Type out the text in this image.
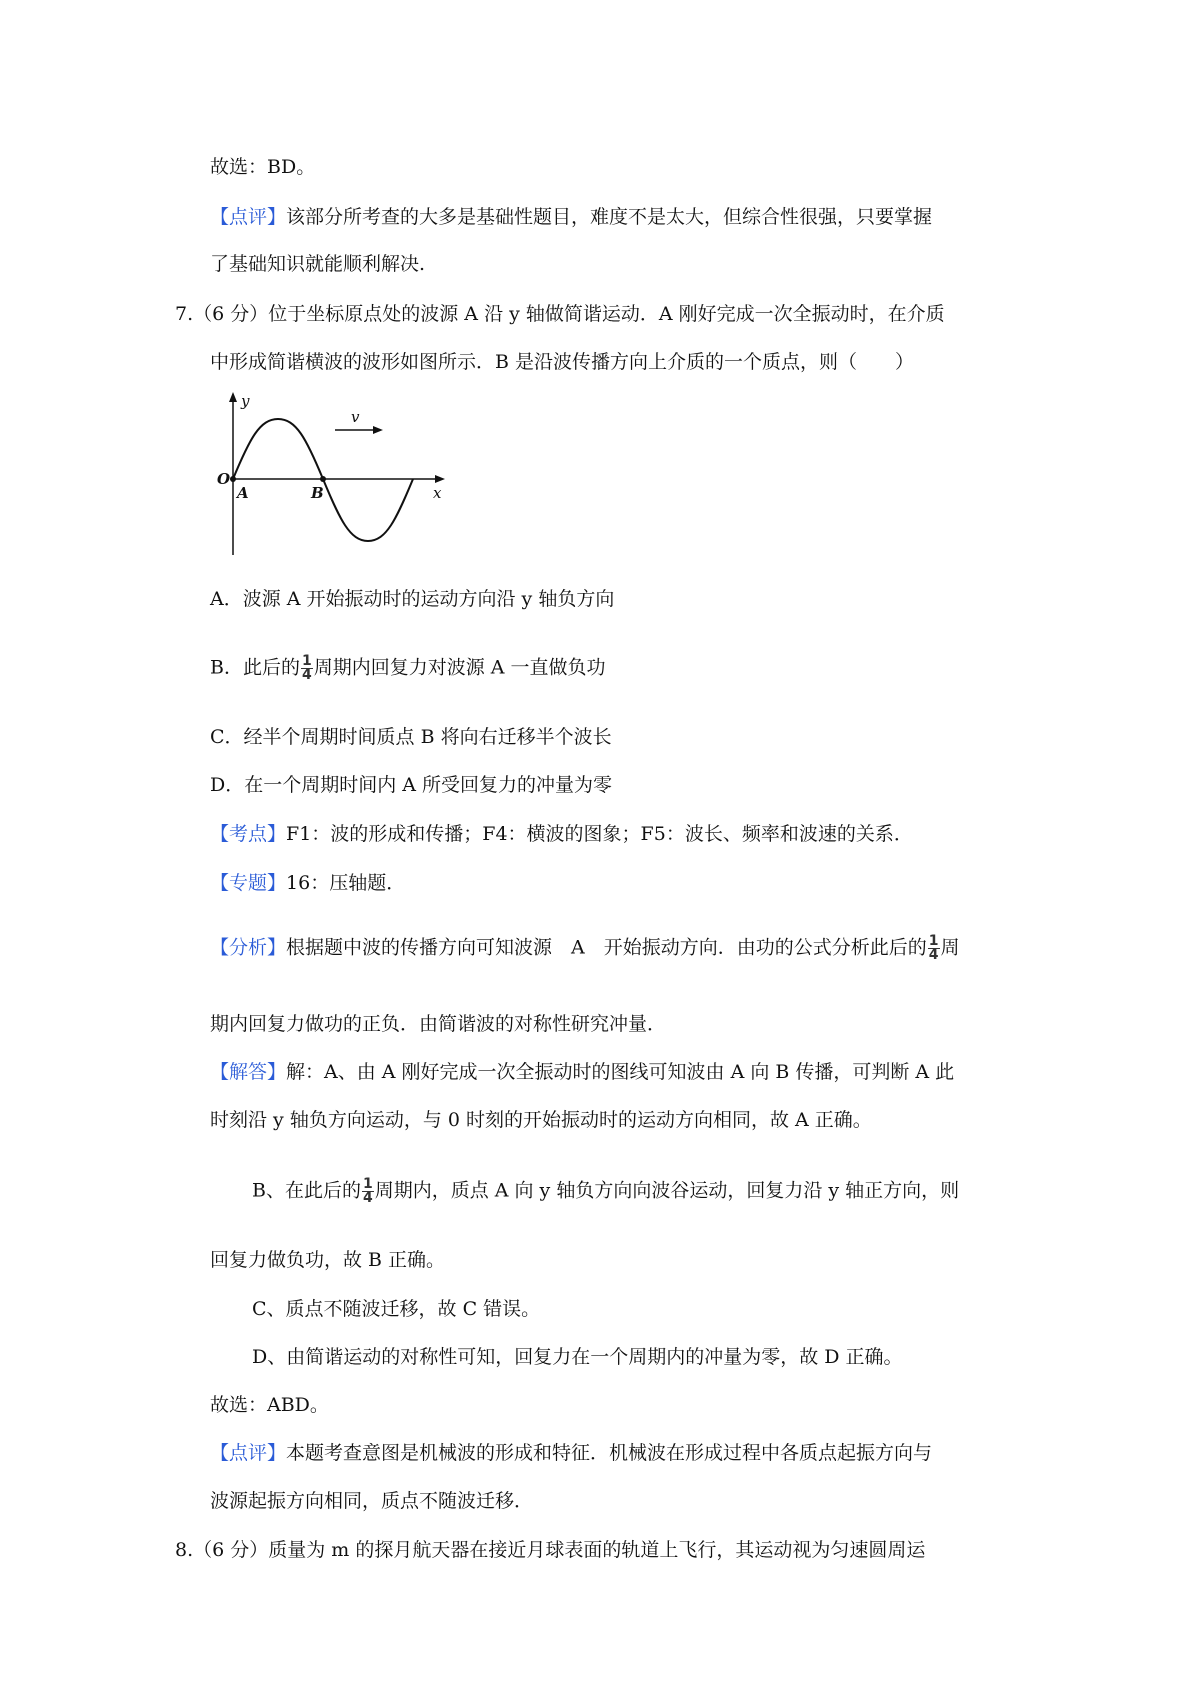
故选：BD。
【点评】该部分所考查的大多是基础性题目，难度不是太大，但综合性很强，只要掌握
了基础知识就能顺利解决.
7.（6 分）位于坐标原点处的波源 A 沿 y 轴做简谐运动．A 刚好完成一次全振动时，在介质
中形成简谐横波的波形如图所示．B 是沿波传播方向上介质的一个质点，则（　　）
y
v
O
A	B	x
A．波源 A 开始振动时的运动方向沿 y 轴负方向
B．此后的 $\frac{1}{4}$ 周期内回复力对波源 A 一直做负功
C．经半个周期时间质点 B 将向右迁移半个波长
D．在一个周期时间内 A 所受回复力的冲量为零
【考点】F1：波的形成和传播；F4：横波的图象；F5：波长、频率和波速的关系．
【专题】16：压轴题．
【分析】根据题中波的传播方向可知波源　A　开始振动方向．由功的公式分析此后的 $\frac{1}{4}$ 周
期内回复力做功的正负．由简谐波的对称性研究冲量．
【解答】解：A、由 A 刚好完成一次全振动时的图线可知波由 A 向 B 传播，可判断 A 此
时刻沿 y 轴负方向运动，与 0 时刻的开始振动时的运动方向相同，故 A 正确。
B、在此后的 $\frac{1}{4}$ 周期内，质点 A 向 y 轴负方向向波谷运动，回复力沿 y 轴正方向，则
回复力做负功，故 B 正确。
C、质点不随波迁移，故 C 错误。
D、由简谐运动的对称性可知，回复力在一个周期内的冲量为零，故 D 正确。
故选：ABD。
【点评】本题考查意图是机械波的形成和特征．机械波在形成过程中各质点起振方向与
波源起振方向相同，质点不随波迁移．
8.（6 分）质量为 m 的探月航天器在接近月球表面的轨道上飞行，其运动视为匀速圆周运
